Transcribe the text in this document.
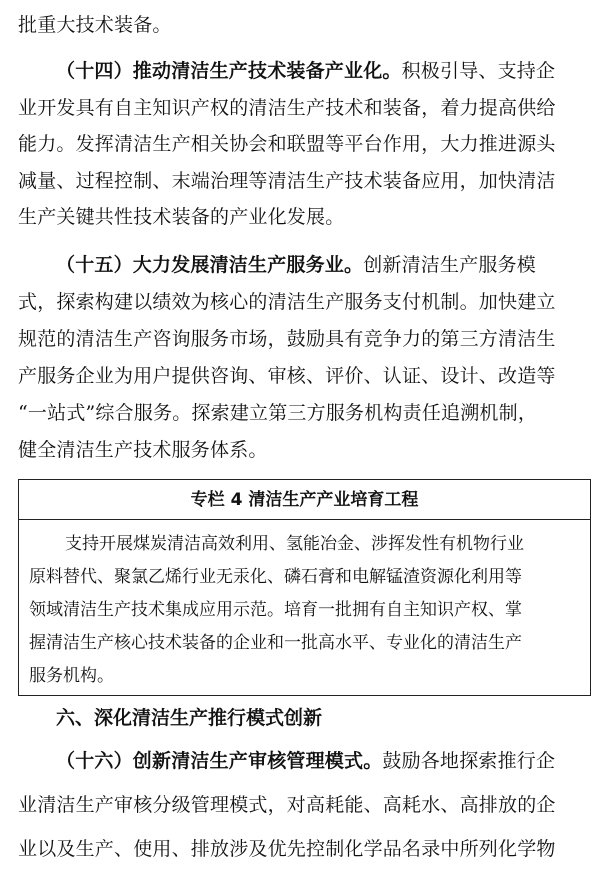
批重大技术装备。
（十四）推动清洁生产技术装备产业化。积极引导、支持企
业开发具有自主知识产权的清洁生产技术和装备，着力提高供给
能力。发挥清洁生产相关协会和联盟等平台作用，大力推进源头
减量、过程控制、末端治理等清洁生产技术装备应用，加快清洁
生产关键共性技术装备的产业化发展。
（十五）大力发展清洁生产服务业。创新清洁生产服务模
式，探索构建以绩效为核心的清洁生产服务支付机制。加快建立
规范的清洁生产咨询服务市场，鼓励具有竞争力的第三方清洁生
产服务企业为用户提供咨询、审核、评价、认证、设计、改造等
“一站式”综合服务。探索建立第三方服务机构责任追溯机制，
健全清洁生产技术服务体系。
专栏 4 清洁生产产业培育工程
支持开展煤炭清洁高效利用、氢能冶金、涉挥发性有机物行业
原料替代、聚氯乙烯行业无汞化、磷石膏和电解锰渣资源化利用等
领域清洁生产技术集成应用示范。培育一批拥有自主知识产权、掌
握清洁生产核心技术装备的企业和一批高水平、专业化的清洁生产
服务机构。
六、深化清洁生产推行模式创新
（十六）创新清洁生产审核管理模式。鼓励各地探索推行企
业清洁生产审核分级管理模式，对高耗能、高耗水、高排放的企
业以及生产、使用、排放涉及优先控制化学品名录中所列化学物
